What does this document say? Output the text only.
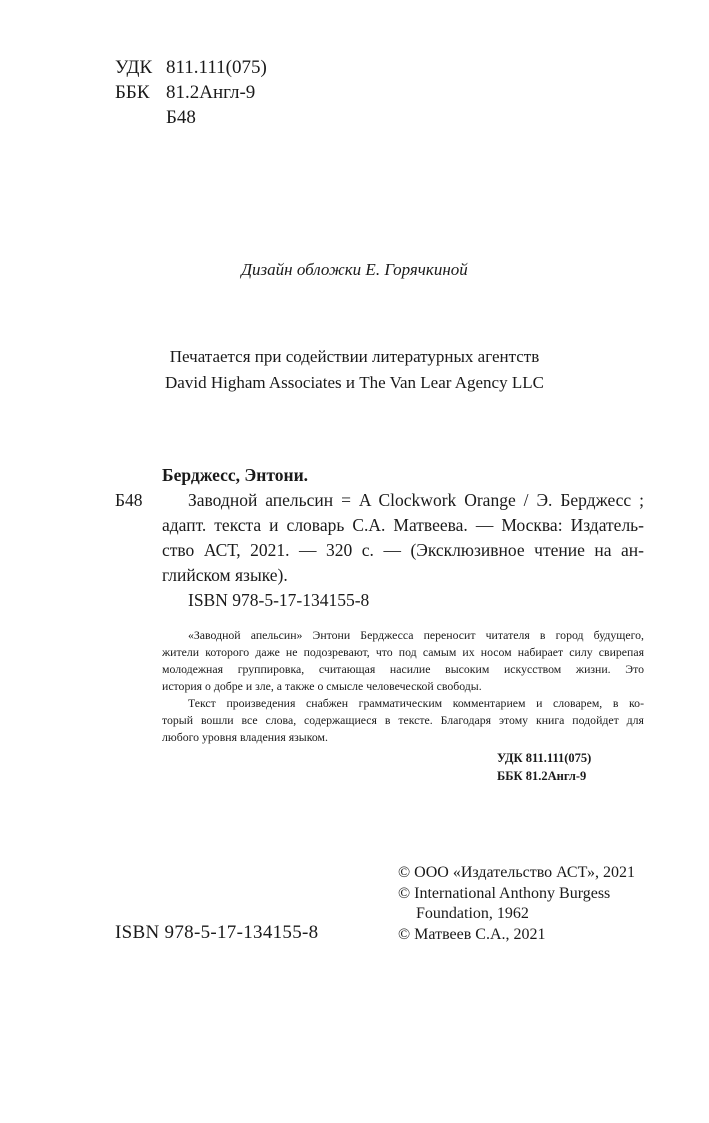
УДК 811.111(075)
ББК 81.2Англ-9
Б48
Дизайн обложки Е. Горячкиной
Печатается при содействии литературных агентств
David Higham Associates и The Van Lear Agency LLC
Берджесс, Энтони.
Б48	Заводной апельсин = A Clockwork Orange / Э. Берджесс ;
адапт. текста и словарь С.А. Матвеева. — Москва: Издатель-
ство АСТ, 2021. — 320 с. — (Эксклюзивное чтение на ан-
глийском языке).
ISBN 978-5-17-134155-8
«Заводной апельсин» Энтони Берджесса переносит читателя в город будущего,
жители которого даже не подозревают, что под самым их носом набирает силу свирепая
молодежная группировка, считающая насилие высоким искусством жизни. Это
история о добре и зле, а также о смысле человеческой свободы.
Текст произведения снабжен грамматическим комментарием и словарем, в ко-
торый вошли все слова, содержащиеся в тексте. Благодаря этому книга подойдет для
любого уровня владения языком.
УДК 811.111(075)
ББК 81.2Англ-9
© ООО «Издательство АСТ», 2021
© International Anthony Burgess
Foundation, 1962
© Матвеев С.А., 2021
ISBN 978-5-17-134155-8
